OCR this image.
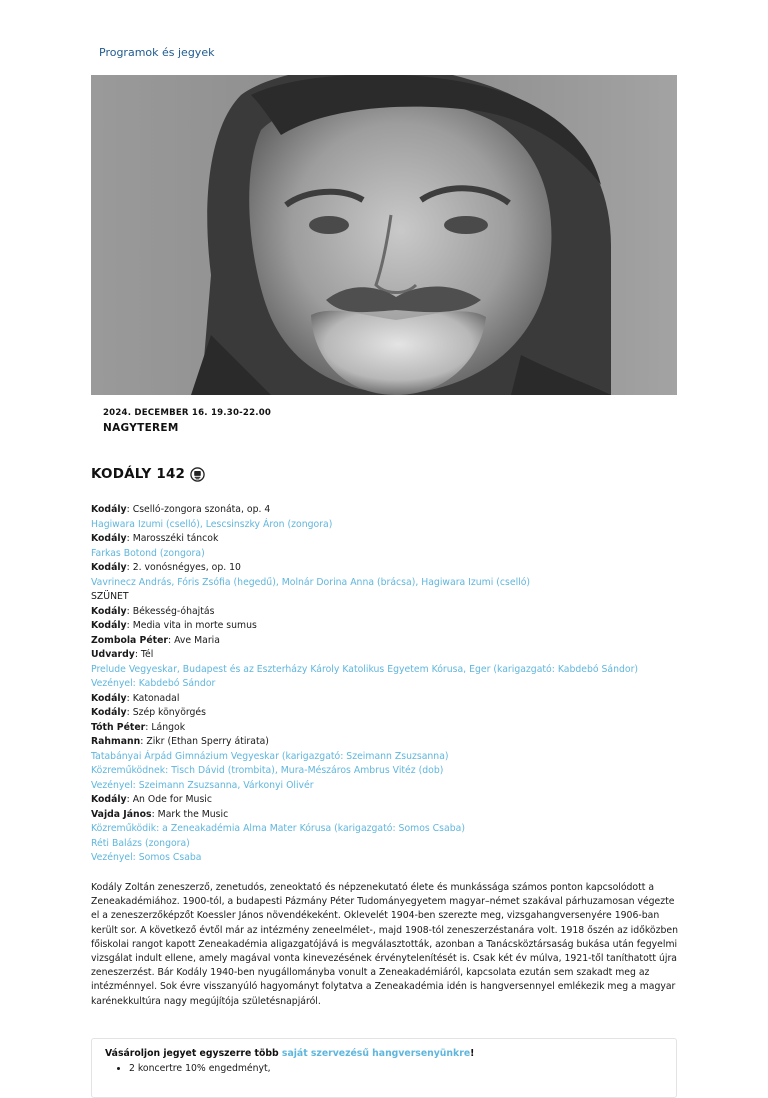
Programok és jegyek
2024. DECEMBER 16. 19.30-22.00
NAGYTEREM
KODÁLY 142
Kodály: Cselló-zongora szonáta, op. 4
Hagiwara Izumi (cselló), Lescsinszky Áron (zongora)
Kodály: Marosszéki táncok
Farkas Botond (zongora)
Kodály: 2. vonósnégyes, op. 10
Vavrinecz András, Fóris Zsófia (hegedű), Molnár Dorina Anna (brácsa), Hagiwara Izumi (cselló)
SZÜNET
Kodály: Békesség-óhajtás
Kodály: Media vita in morte sumus
Zombola Péter: Ave Maria
Udvardy: Tél
Prelude Vegyeskar, Budapest és az Eszterházy Károly Katolikus Egyetem Kórusa, Eger (karigazgató: Kabdebó Sándor)
Vezényel: Kabdebó Sándor
Kodály: Katonadal
Kodály: Szép könyörgés
Tóth Péter: Lángok
Rahmann: Zikr (Ethan Sperry átirata)
Tatabányai Árpád Gimnázium Vegyeskar (karigazgató: Szeimann Zsuzsanna)
Közreműködnek: Tisch Dávid (trombita), Mura-Mészáros Ambrus Vitéz (dob)
Vezényel: Szeimann Zsuzsanna, Várkonyi Olivér
Kodály: An Ode for Music
Vajda János: Mark the Music
Közreműködik: a Zeneakadémia Alma Mater Kórusa (karigazgató: Somos Csaba)
Réti Balázs (zongora)
Vezényel: Somos Csaba
Kodály Zoltán zeneszerző, zenetudós, zeneoktató és népzenekutató élete és munkássága számos ponton kapcsolódott a Zeneakadémiához. 1900-tól, a budapesti Pázmány Péter Tudományegyetem magyar–német szakával párhuzamosan végezte el a zeneszerzőképzőt Koessler János növendékeként. Oklevelét 1904-ben szerezte meg, vizsgahangversenyére 1906-ban került sor. A következő évtől már az intézmény zeneelmélet-, majd 1908-tól zeneszerzéstanára volt. 1918 őszén az időközben főiskolai rangot kapott Zeneakadémia aligazgatójává is megválasztották, azonban a Tanácsköztársaság bukása után fegyelmi vizsgálat indult ellene, amely magával vonta kinevezésének érvénytelenítését is. Csak két év múlva, 1921-től taníthatott újra zeneszerzést. Bár Kodály 1940-ben nyugállományba vonult a Zeneakadémiáról, kapcsolata ezután sem szakadt meg az intézménnyel. Sok évre visszanyúló hagyományt folytatva a Zeneakadémia idén is hangversennyel emlékezik meg a magyar karénekkultúra nagy megújítója születésnapjáról.
Vásároljon jegyet egyszerre több saját szervezésű hangversenyünkre!
• 2 koncertre 10% engedményt,
